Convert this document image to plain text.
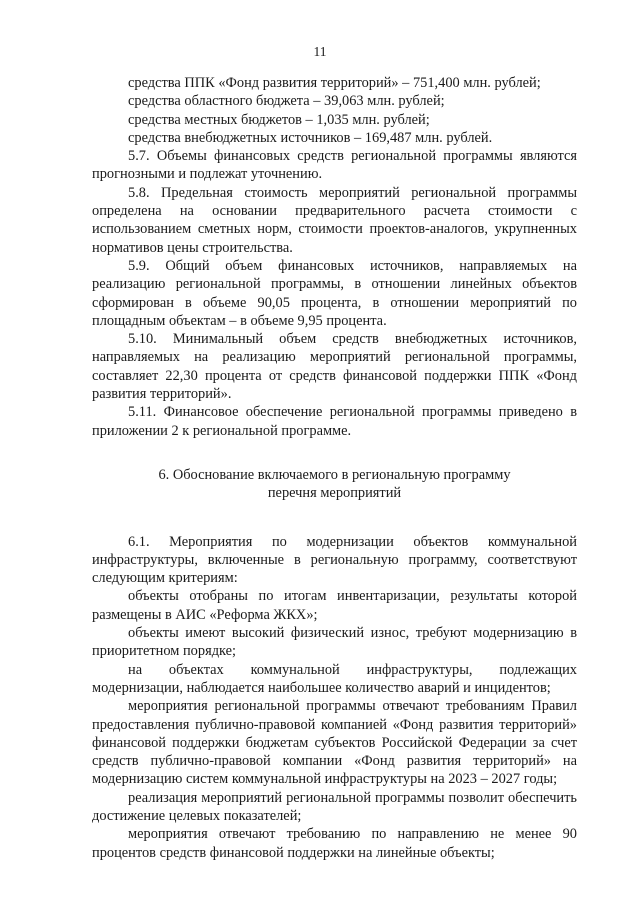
11

средства ППК «Фонд развития территорий» – 751,400 млн. рублей;

средства областного бюджета – 39,063 млн. рублей;

средства местных бюджетов – 1,035 млн. рублей;

средства внебюджетных источников – 169,487 млн. рублей.

5.7. Объемы финансовых средств региональной программы являются прогнозными и подлежат уточнению.

5.8. Предельная стоимость мероприятий региональной программы определена на основании предварительного расчета стоимости с использованием сметных норм, стоимости проектов-аналогов, укрупненных нормативов цены строительства.

5.9. Общий объем финансовых источников, направляемых на реализацию региональной программы, в отношении линейных объектов сформирован в объеме 90,05 процента, в отношении мероприятий по площадным объектам – в объеме 9,95 процента.

5.10. Минимальный объем средств внебюджетных источников, направляемых на реализацию мероприятий региональной программы, составляет 22,30 процента от средств финансовой поддержки ППК «Фонд развития территорий».

5.11. Финансовое обеспечение региональной программы приведено в приложении 2 к региональной программе.

6. Обоснование включаемого в региональную программу
перечня мероприятий

6.1. Мероприятия по модернизации объектов коммунальной инфраструктуры, включенные в региональную программу, соответствуют следующим критериям:

объекты отобраны по итогам инвентаризации, результаты которой размещены в АИС «Реформа ЖКХ»;

объекты имеют высокий физический износ, требуют модернизацию в приоритетном порядке;

на объектах коммунальной инфраструктуры, подлежащих модернизации, наблюдается наибольшее количество аварий и инцидентов;

мероприятия региональной программы отвечают требованиям Правил предоставления публично-правовой компанией «Фонд развития территорий» финансовой поддержки бюджетам субъектов Российской Федерации за счет средств публично-правовой компании «Фонд развития территорий» на модернизацию систем коммунальной инфраструктуры на 2023 – 2027 годы;

реализация мероприятий региональной программы позволит обеспечить достижение целевых показателей;

мероприятия отвечают требованию по направлению не менее 90 процентов средств финансовой поддержки на линейные объекты;
